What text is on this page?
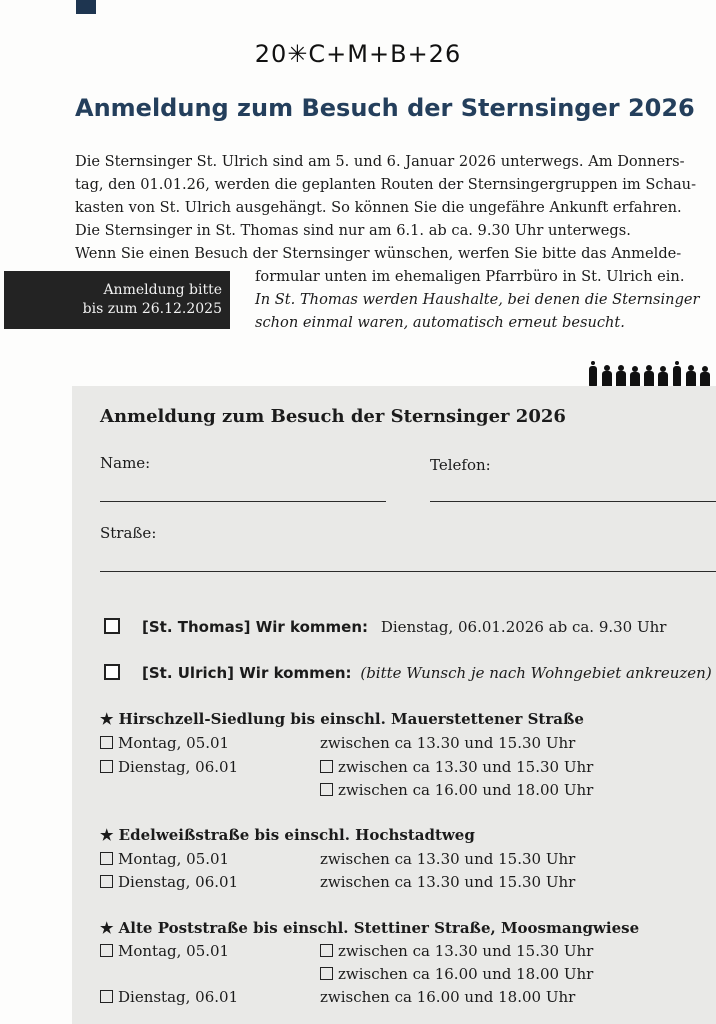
20✳C+M+B+26
Anmeldung zum Besuch der Sternsinger 2026
Die Sternsinger St. Ulrich sind am 5. und 6. Januar 2026 unterwegs. Am Donners-
tag, den 01.01.26, werden die geplanten Routen der Sternsingergruppen im Schau-
kasten von St. Ulrich ausgehängt. So können Sie die ungefähre Ankunft erfahren.
Die Sternsinger in St. Thomas sind nur am 6.1. ab ca. 9.30 Uhr unterwegs.
Wenn Sie einen Besuch der Sternsinger wünschen, werfen Sie bitte das Anmelde-
formular unten im ehemaligen Pfarrbüro in St. Ulrich ein.
In St. Thomas werden Haushalte, bei denen die Sternsinger
schon einmal waren, automatisch erneut besucht.
Anmeldung bitte
bis zum 26.12.2025
Anmeldung zum Besuch der Sternsinger 2026
Name:	Telefon:
Straße:
[St. Thomas] Wir kommen: Dienstag, 06.01.2026 ab ca. 9.30 Uhr
[St. Ulrich] Wir kommen: (bitte Wunsch je nach Wohngebiet ankreuzen)
★ Hirschzell-Siedlung bis einschl. Mauerstettener Straße
Montag, 05.01	zwischen ca 13.30 und 15.30 Uhr
Dienstag, 06.01	zwischen ca 13.30 und 15.30 Uhr
zwischen ca 16.00 und 18.00 Uhr
★ Edelweißstraße bis einschl. Hochstadtweg
Montag, 05.01	zwischen ca 13.30 und 15.30 Uhr
Dienstag, 06.01	zwischen ca 13.30 und 15.30 Uhr
★ Alte Poststraße bis einschl. Stettiner Straße, Moosmangwiese
Montag, 05.01	zwischen ca 13.30 und 15.30 Uhr
zwischen ca 16.00 und 18.00 Uhr
Dienstag, 06.01	zwischen ca 16.00 und 18.00 Uhr
